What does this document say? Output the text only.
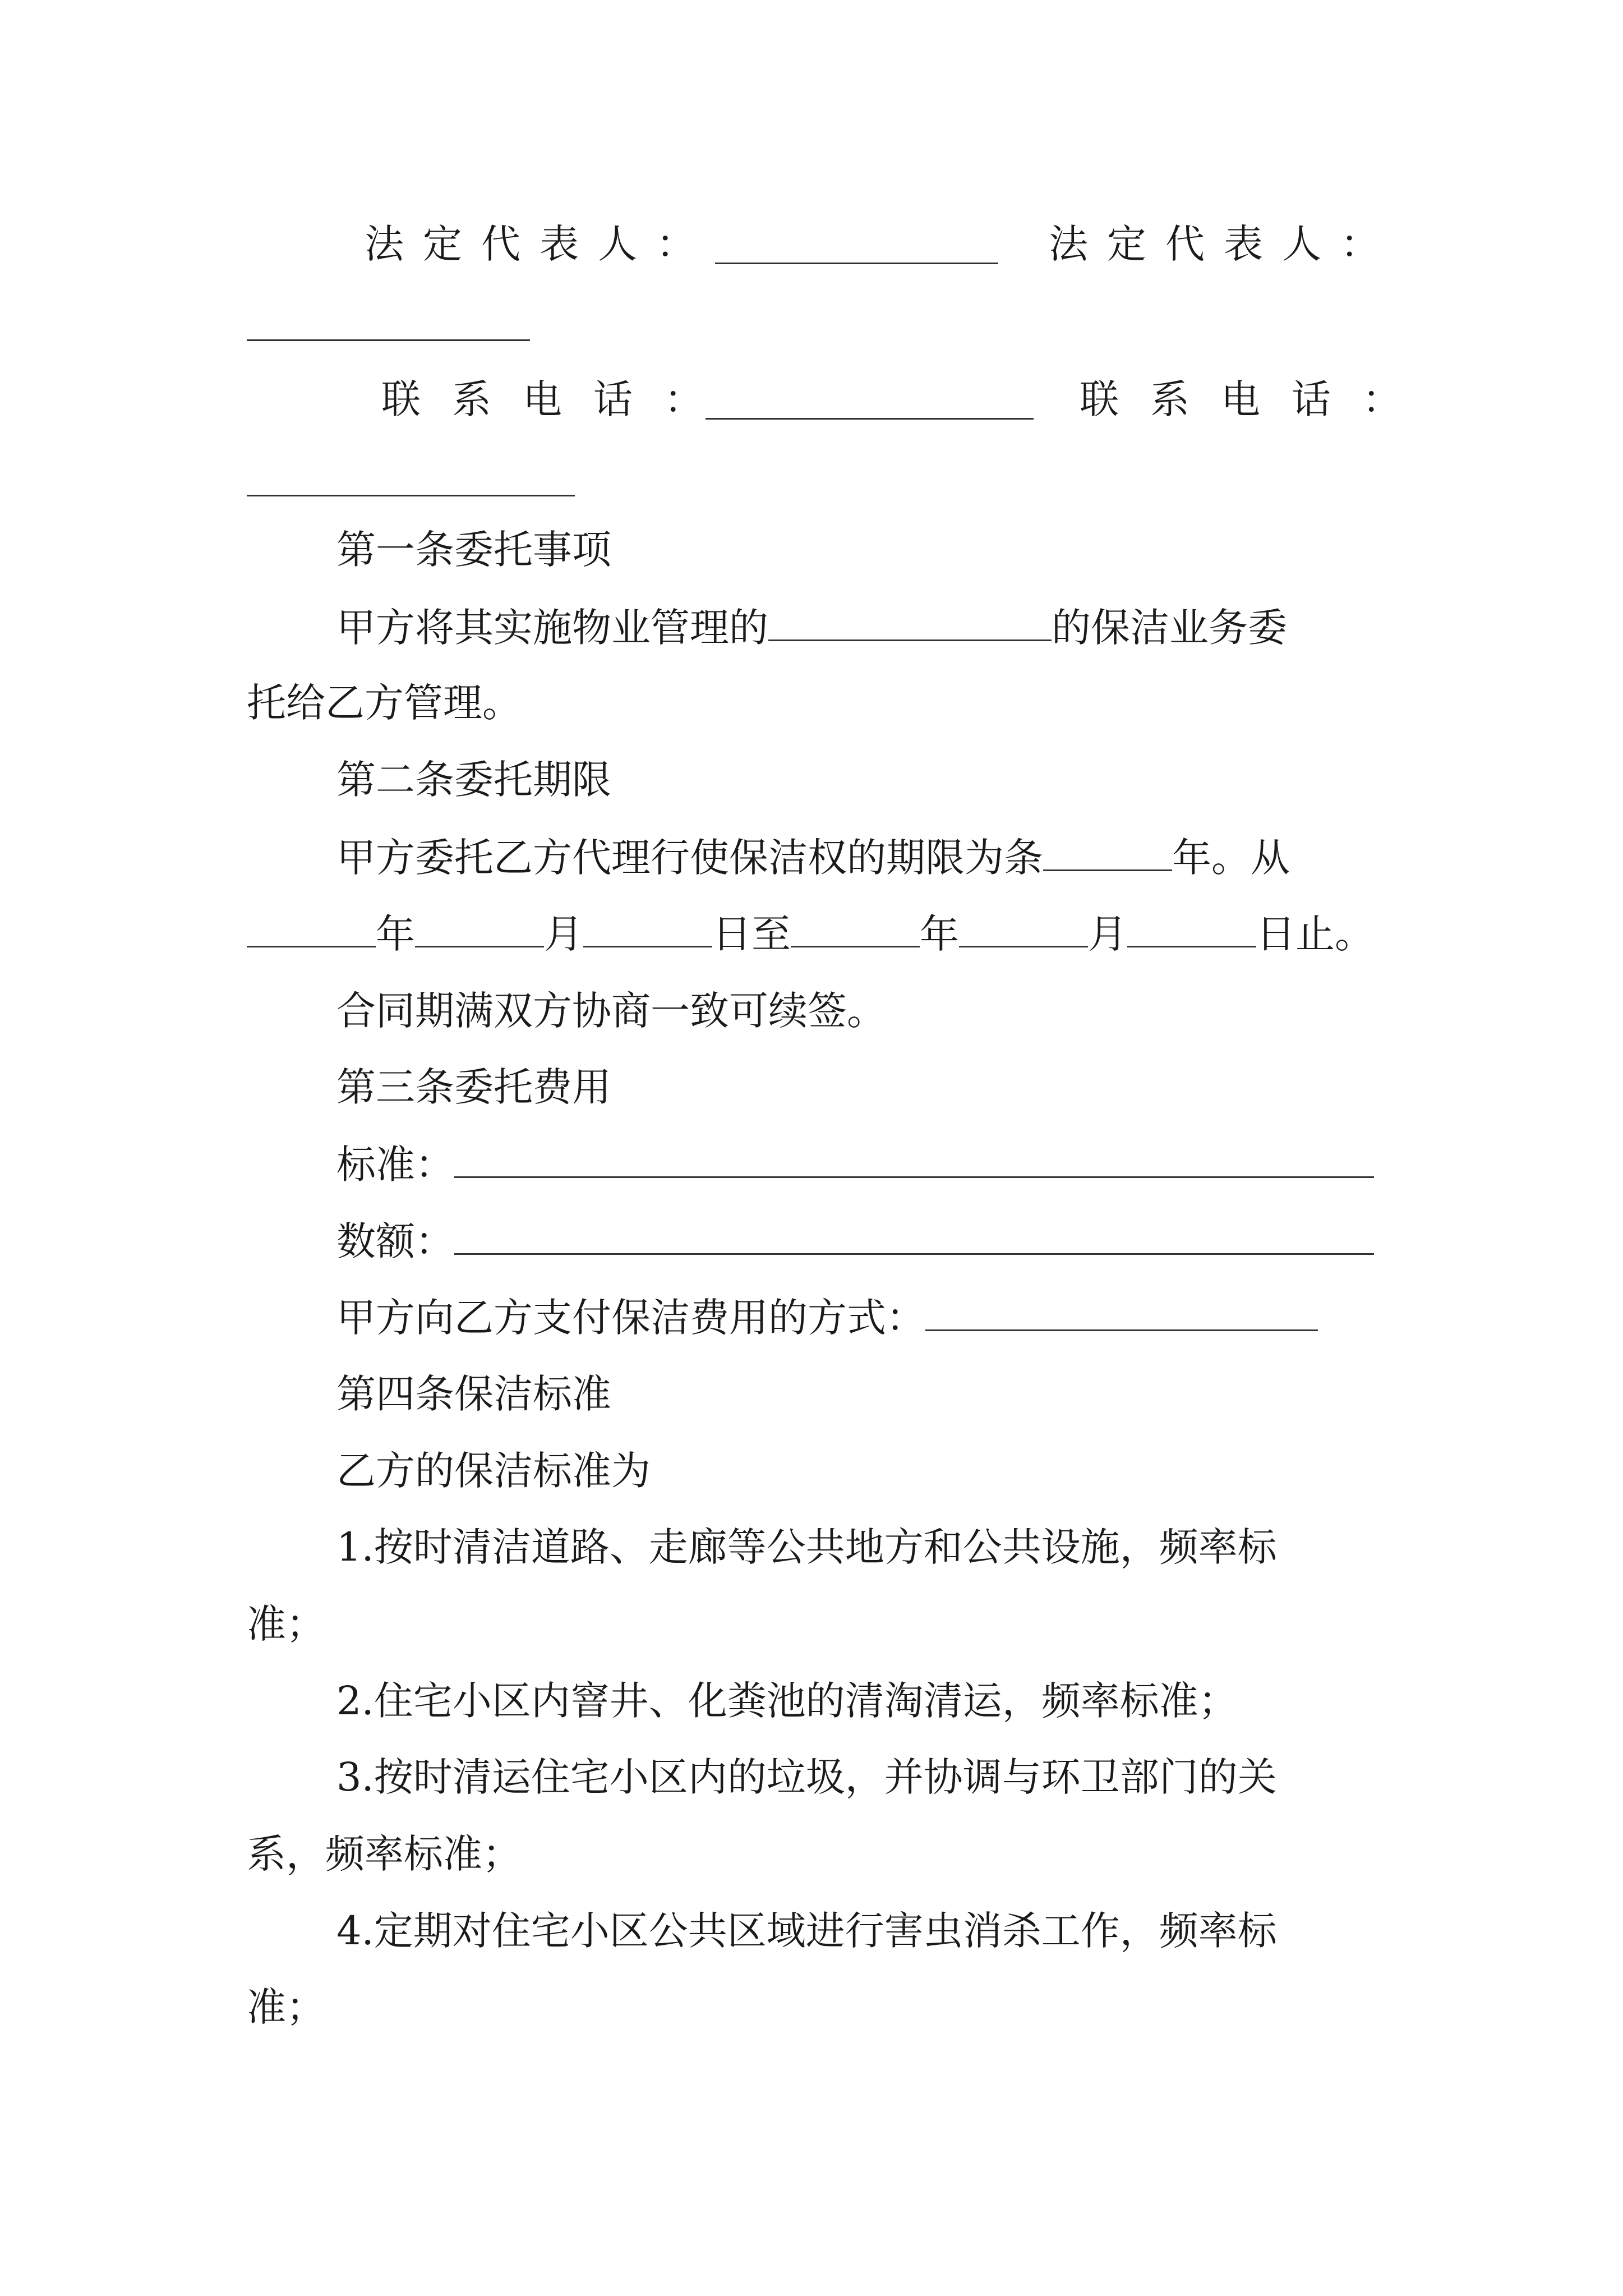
法定代表人：	法定代表人：
联系电话：	联系电话：
第一条委托事项
甲方将其实施物业管理的	的保洁业务委
托给乙方管理。
第二条委托期限
甲方委托乙方代理行使保洁权的期限为条	年。从
年	月	日至	年	月	日止。
合同期满双方协商一致可续签。
第三条委托费用
标准：
数额：
甲方向乙方支付保洁费用的方式：
第四条保洁标准
乙方的保洁标准为
1.按时清洁道路、走廊等公共地方和公共设施，频率标
准；
2.住宅小区内窨井、化粪池的清淘清运，频率标准；
3.按时清运住宅小区内的垃圾，并协调与环卫部门的关
系，频率标准；
4.定期对住宅小区公共区域进行害虫消杀工作，频率标
准；
